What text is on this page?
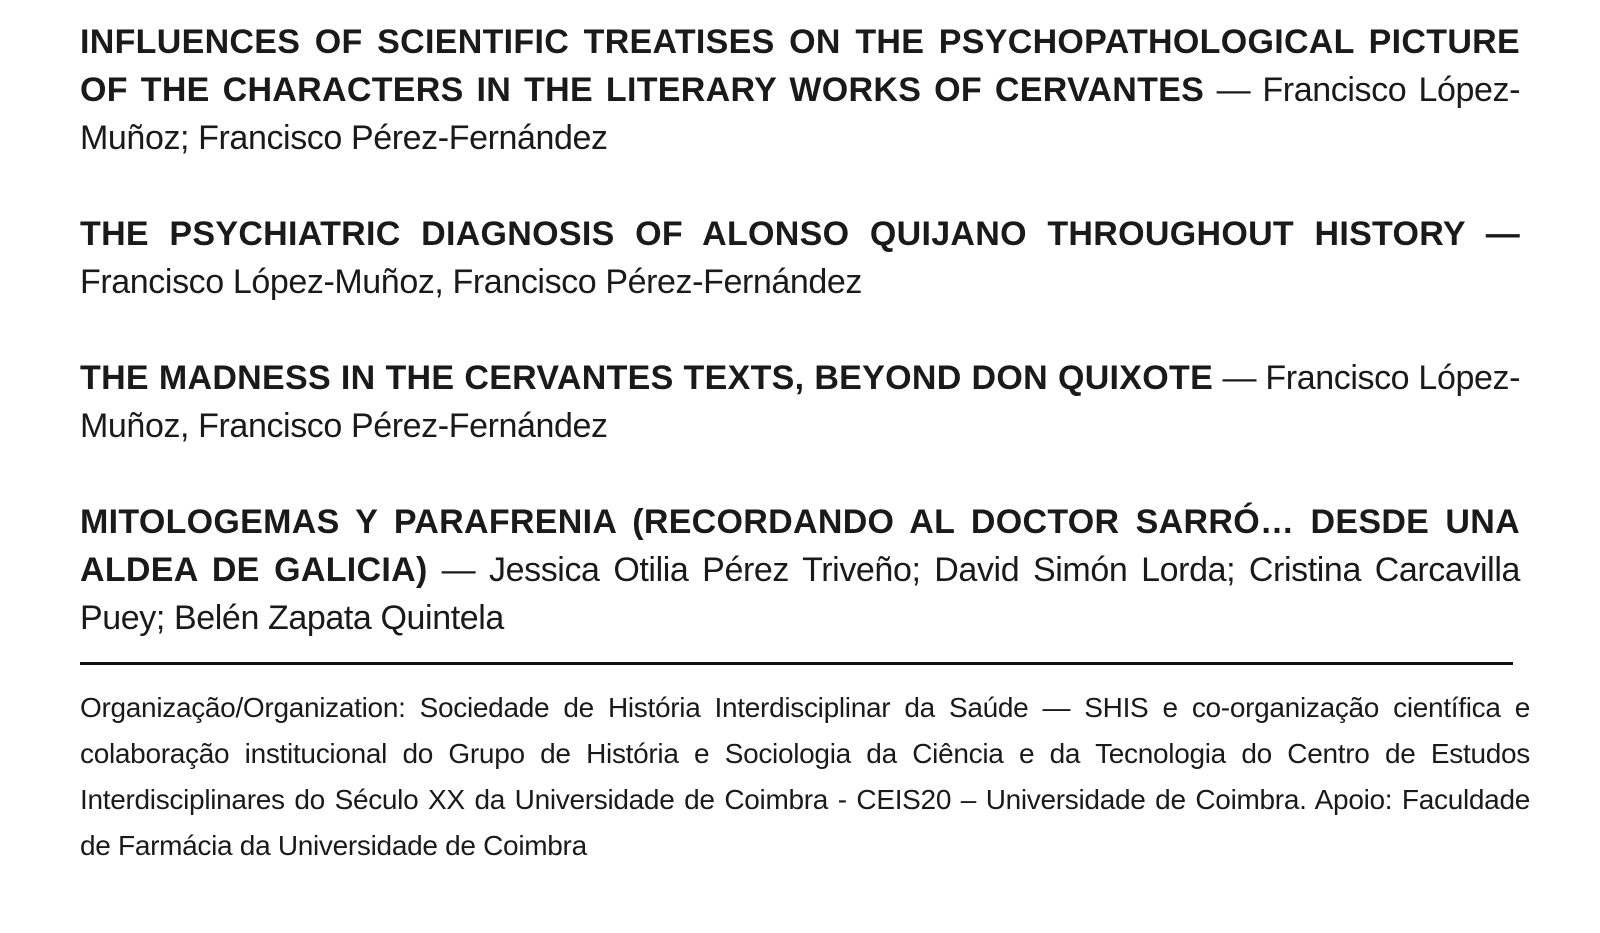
INFLUENCES OF SCIENTIFIC TREATISES ON THE PSYCHOPATHOLOGICAL PICTURE OF THE CHARACTERS IN THE LITERARY WORKS OF CERVANTES — Francisco López-Muñoz; Francisco Pérez-Fernández

THE PSYCHIATRIC DIAGNOSIS OF ALONSO QUIJANO THROUGHOUT HISTORY — Francisco López-Muñoz, Francisco Pérez-Fernández

THE MADNESS IN THE CERVANTES TEXTS, BEYOND DON QUIXOTE — Francisco López-Muñoz, Francisco Pérez-Fernández

MITOLOGEMAS Y PARAFRENIA (RECORDANDO AL DOCTOR SARRÓ… DESDE UNA ALDEA DE GALICIA) — Jessica Otilia Pérez Triveño; David Simón Lorda; Cristina Carcavilla Puey; Belén Zapata Quintela

Organização/Organization: Sociedade de História Interdisciplinar da Saúde — SHIS e co-organização científica e colaboração institucional do Grupo de História e Sociologia da Ciência e da Tecnologia do Centro de Estudos Interdisciplinares do Século XX da Universidade de Coimbra - CEIS20 – Universidade de Coimbra. Apoio: Faculdade de Farmácia da Universidade de Coimbra
